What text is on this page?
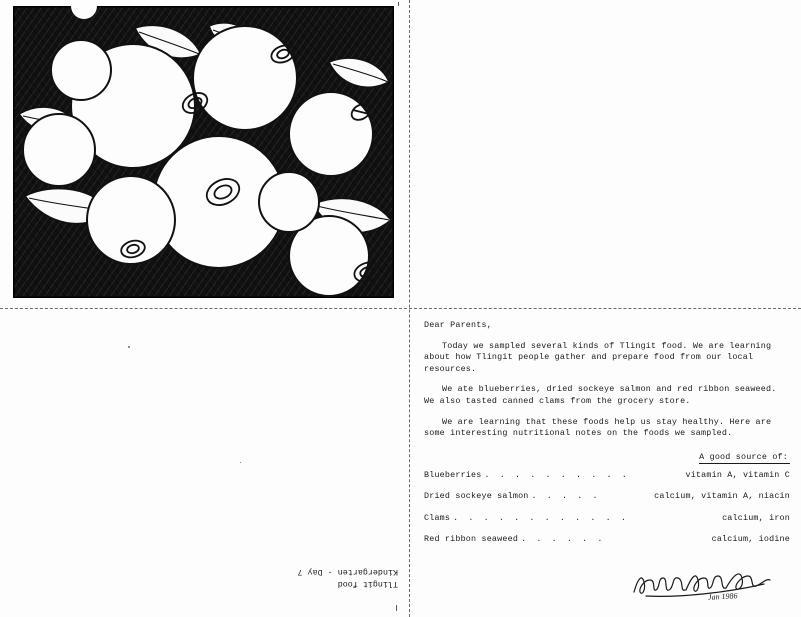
Dear Parents,

Today we sampled several kinds of Tlingit food. We are learning about how Tlingit people gather and prepare food from our local resources.

We ate blueberries, dried sockeye salmon and red ribbon seaweed. We also tasted canned clams from the grocery store.

We are learning that these foods help us stay healthy. Here are some interesting nutritional notes on the foods we sampled.

A good source of:
Blueberries . . . . . . . . . .	vitamin A, vitamin C
Dried sockeye salmon . . . . .	calcium, vitamin A, niacin
Clams . . . . . . . . . . . .	calcium, iron
Red ribbon seaweed . . . . . .	calcium, iodine
Jan 1986
Tlingit food
Kindergarten - Day 7
